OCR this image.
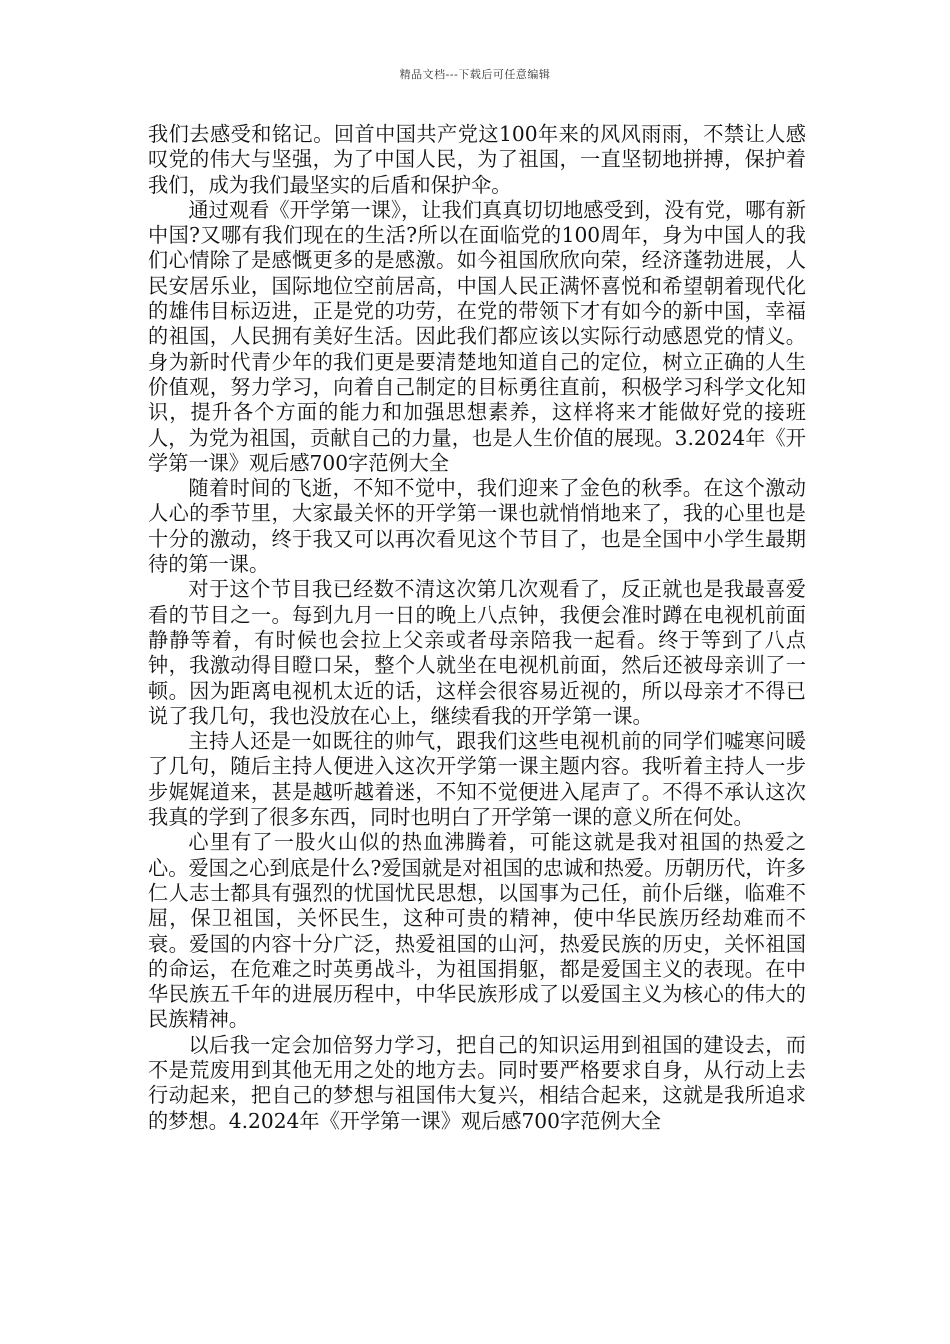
精品文档---下载后可任意编辑

我们去感受和铭记。回首中国共产党这100年来的风风雨雨，不禁让人感叹党的伟大与坚强，为了中国人民，为了祖国，一直坚韧地拼搏，保护着我们，成为我们最坚实的后盾和保护伞。

通过观看《开学第一课》，让我们真真切切地感受到，没有党，哪有新中国?又哪有我们现在的生活?所以在面临党的100周年，身为中国人的我们心情除了是感慨更多的是感激。如今祖国欣欣向荣，经济蓬勃进展，人民安居乐业，国际地位空前居高，中国人民正满怀喜悦和希望朝着现代化的雄伟目标迈进，正是党的功劳，在党的带领下才有如今的新中国，幸福的祖国，人民拥有美好生活。因此我们都应该以实际行动感恩党的情义。身为新时代青少年的我们更是要清楚地知道自己的定位，树立正确的人生价值观，努力学习，向着自己制定的目标勇往直前，积极学习科学文化知识，提升各个方面的能力和加强思想素养，这样将来才能做好党的接班人，为党为祖国，贡献自己的力量，也是人生价值的展现。3.2024年《开学第一课》观后感700字范例大全

随着时间的飞逝，不知不觉中，我们迎来了金色的秋季。在这个激动人心的季节里，大家最关怀的开学第一课也就悄悄地来了，我的心里也是十分的激动，终于我又可以再次看见这个节目了，也是全国中小学生最期待的第一课。

对于这个节目我已经数不清这次第几次观看了，反正就也是我最喜爱看的节目之一。每到九月一日的晚上八点钟，我便会准时蹲在电视机前面静静等着，有时候也会拉上父亲或者母亲陪我一起看。终于等到了八点钟，我激动得目瞪口呆，整个人就坐在电视机前面，然后还被母亲训了一顿。因为距离电视机太近的话，这样会很容易近视的，所以母亲才不得已说了我几句，我也没放在心上，继续看我的开学第一课。

主持人还是一如既往的帅气，跟我们这些电视机前的同学们嘘寒问暖了几句，随后主持人便进入这次开学第一课主题内容。我听着主持人一步步娓娓道来，甚是越听越着迷，不知不觉便进入尾声了。不得不承认这次我真的学到了很多东西，同时也明白了开学第一课的意义所在何处。

心里有了一股火山似的热血沸腾着，可能这就是我对祖国的热爱之心。爱国之心到底是什么?爱国就是对祖国的忠诚和热爱。历朝历代，许多仁人志士都具有强烈的忧国忧民思想，以国事为己任，前仆后继，临难不屈，保卫祖国，关怀民生，这种可贵的精神，使中华民族历经劫难而不衰。爱国的内容十分广泛，热爱祖国的山河，热爱民族的历史，关怀祖国的命运，在危难之时英勇战斗，为祖国捐躯，都是爱国主义的表现。在中华民族五千年的进展历程中，中华民族形成了以爱国主义为核心的伟大的民族精神。

以后我一定会加倍努力学习，把自己的知识运用到祖国的建设去，而不是荒废用到其他无用之处的地方去。同时要严格要求自身，从行动上去行动起来，把自己的梦想与祖国伟大复兴，相结合起来，这就是我所追求的梦想。4.2024年《开学第一课》观后感700字范例大全
